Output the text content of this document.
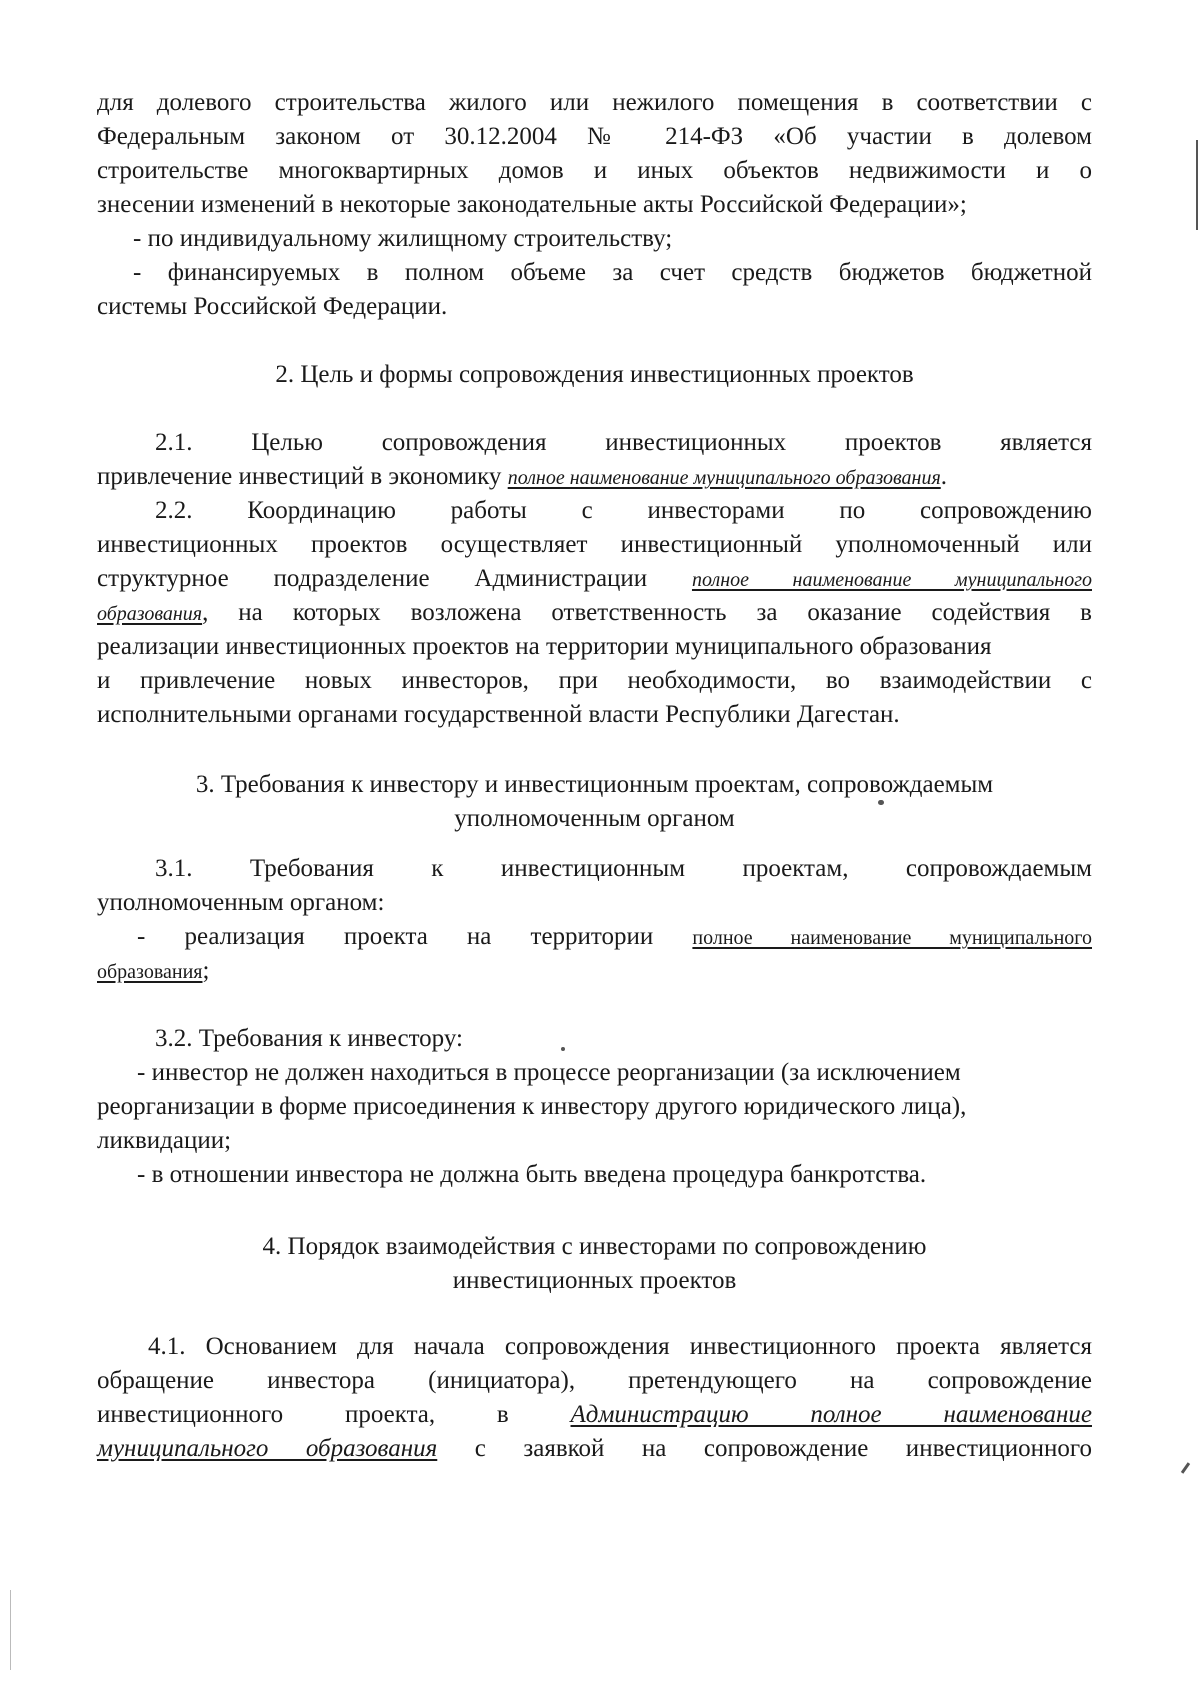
для долевого строительства жилого или нежилого помещения в соответствии с
Федеральным законом от 30.12.2004 № 214-ФЗ «Об участии в долевом
строительстве многоквартирных домов и иных объектов недвижимости и о
знесении изменений в некоторые законодательные акты Российской Федерации»;
- по индивидуальному жилищному строительству;
- финансируемых в полном объеме за счет средств бюджетов бюджетной
системы Российской Федерации.
2. Цель и формы сопровождения инвестиционных проектов
2.1. Целью сопровождения инвестиционных проектов является
привлечение инвестиций в экономику полное наименование муниципального образования.
2.2. Координацию работы с инвесторами по сопровождению
инвестиционных проектов осуществляет инвестиционный уполномоченный или
структурное подразделение Администрации полное наименование муниципального
образования, на которых возложена ответственность за оказание содействия в
реализации инвестиционных проектов на территории муниципального образования
и привлечение новых инвесторов, при необходимости, во взаимодействии с
исполнительными органами государственной власти Республики Дагестан.
3. Требования к инвестору и инвестиционным проектам, сопровождаемым
уполномоченным органом
3.1. Требования к инвестиционным проектам, сопровождаемым
уполномоченным органом:
- реализация проекта на территории полное наименование муниципального
образования;
3.2. Требования к инвестору:
- инвестор не должен находиться в процессе реорганизации (за исключением
реорганизации в форме присоединения к инвестору другого юридического лица),
ликвидации;
- в отношении инвестора не должна быть введена процедура банкротства.
4. Порядок взаимодействия с инвесторами по сопровождению
инвестиционных проектов
4.1. Основанием для начала сопровождения инвестиционного проекта является
обращение инвестора (инициатора), претендующего на сопровождение
инвестиционного проекта, в Администрацию полное наименование
муниципального образования с заявкой на сопровождение инвестиционного
